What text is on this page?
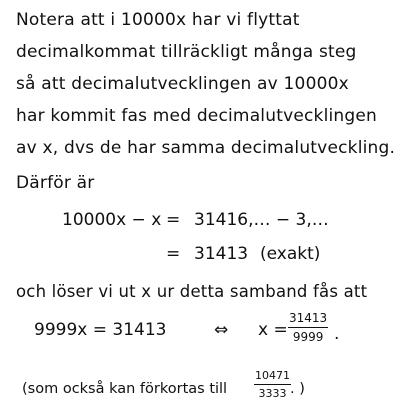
Notera att i 10000x har vi flyttat
decimalkommat tillräckligt många steg
så att decimalutvecklingen av 10000x
har kommit fas med decimalutvecklingen
av x, dvs de har samma decimalutveckling.
Därför är
10000x − x = 31416,… − 3,…
= 31413 (exakt)
och löser vi ut x ur detta samband fås att
9999x = 31413	⇔ x =
31413
9999 .
(som också kan förkortas till
10471
3333 . )
